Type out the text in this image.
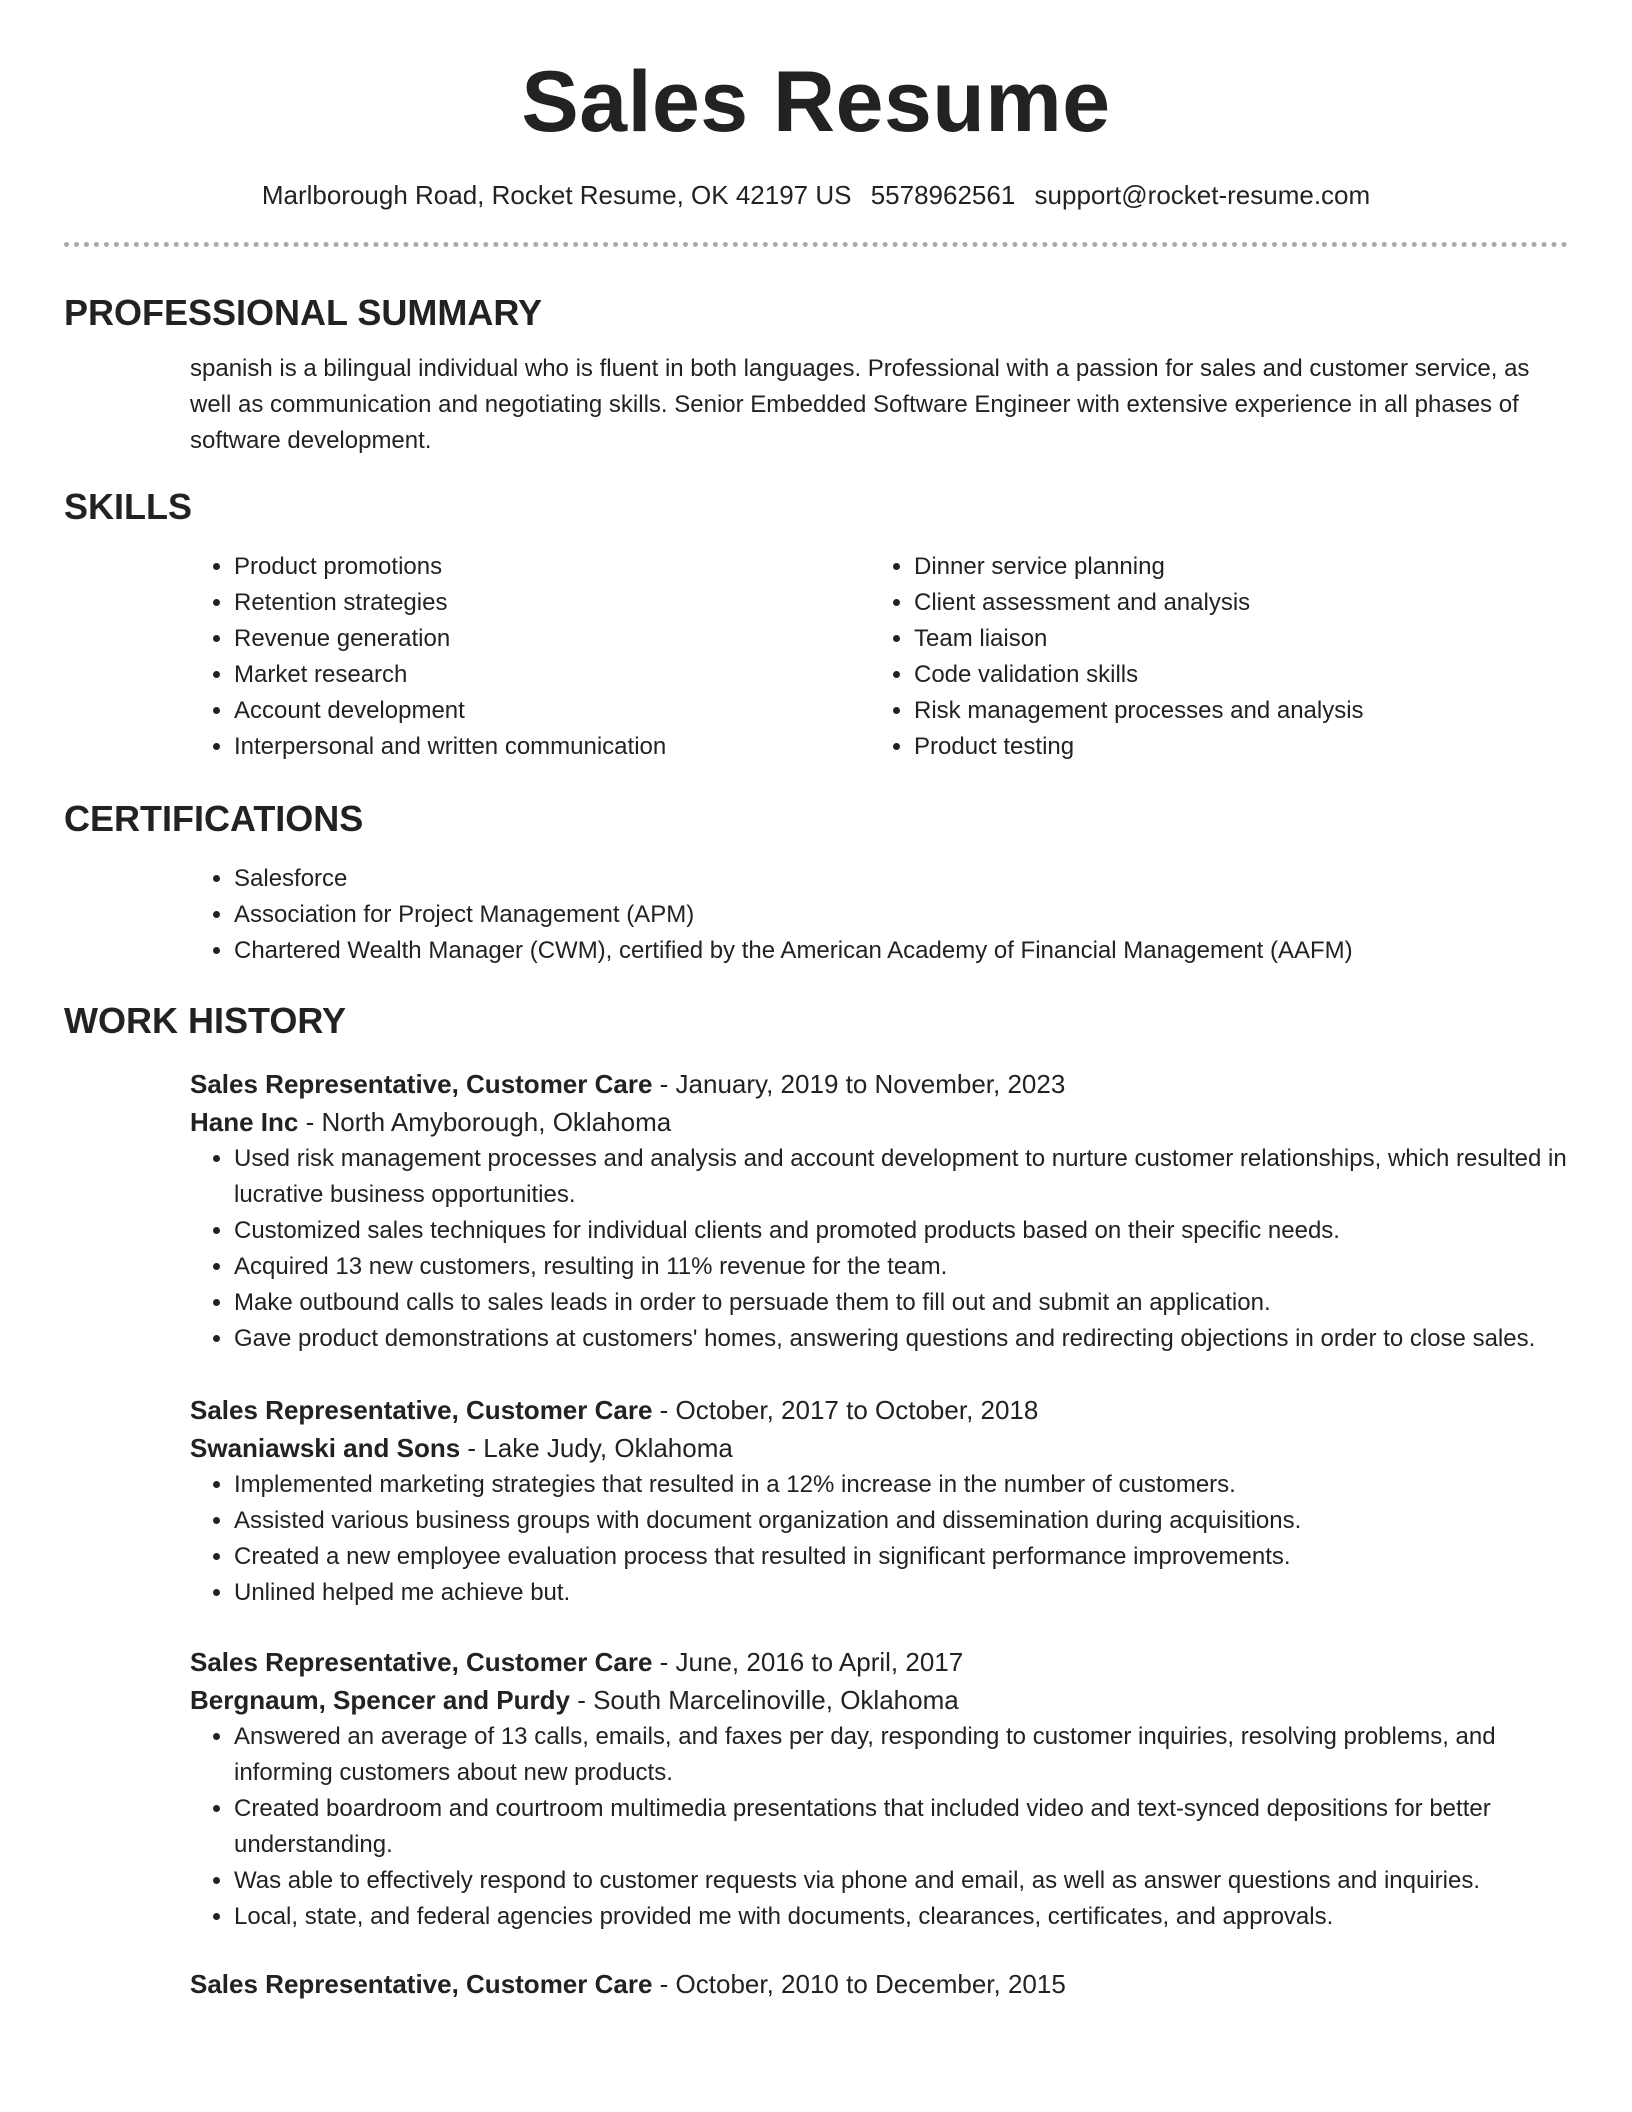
Sales Resume
Marlborough Road, Rocket Resume, OK 42197 US 5578962561 support@rocket-resume.com
PROFESSIONAL SUMMARY
spanish is a bilingual individual who is fluent in both languages. Professional with a passion for sales and customer service, as well as communication and negotiating skills. Senior Embedded Software Engineer with extensive experience in all phases of software development.
SKILLS
• Product promotions
• Retention strategies
• Revenue generation
• Market research
• Account development
• Interpersonal and written communication
• Dinner service planning
• Client assessment and analysis
• Team liaison
• Code validation skills
• Risk management processes and analysis
• Product testing
CERTIFICATIONS
• Salesforce
• Association for Project Management (APM)
• Chartered Wealth Manager (CWM), certified by the American Academy of Financial Management (AAFM)
WORK HISTORY
Sales Representative, Customer Care - January, 2019 to November, 2023
Hane Inc - North Amyborough, Oklahoma
• Used risk management processes and analysis and account development to nurture customer relationships, which resulted in lucrative business opportunities.
• Customized sales techniques for individual clients and promoted products based on their specific needs.
• Acquired 13 new customers, resulting in 11% revenue for the team.
• Make outbound calls to sales leads in order to persuade them to fill out and submit an application.
• Gave product demonstrations at customers' homes, answering questions and redirecting objections in order to close sales.
Sales Representative, Customer Care - October, 2017 to October, 2018
Swaniawski and Sons - Lake Judy, Oklahoma
• Implemented marketing strategies that resulted in a 12% increase in the number of customers.
• Assisted various business groups with document organization and dissemination during acquisitions.
• Created a new employee evaluation process that resulted in significant performance improvements.
• Unlined helped me achieve but.
Sales Representative, Customer Care - June, 2016 to April, 2017
Bergnaum, Spencer and Purdy - South Marcelinoville, Oklahoma
• Answered an average of 13 calls, emails, and faxes per day, responding to customer inquiries, resolving problems, and informing customers about new products.
• Created boardroom and courtroom multimedia presentations that included video and text-synced depositions for better understanding.
• Was able to effectively respond to customer requests via phone and email, as well as answer questions and inquiries.
• Local, state, and federal agencies provided me with documents, clearances, certificates, and approvals.
Sales Representative, Customer Care - October, 2010 to December, 2015
